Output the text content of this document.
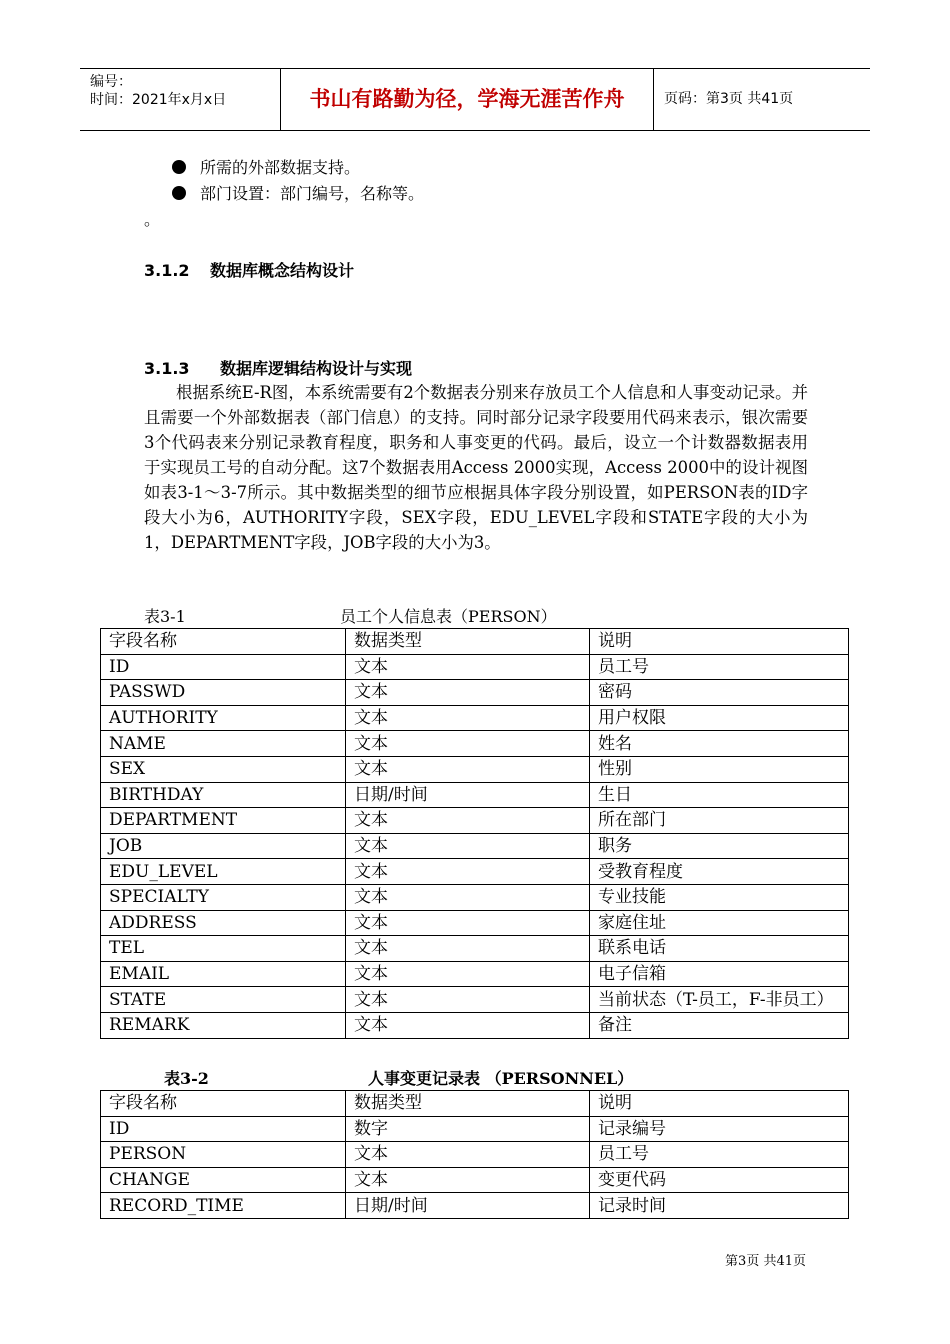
编号：
时间：2021年x月x日	书山有路勤为径，学海无涯苦作舟	页码：第3页 共41页
所需的外部数据支持。
部门设置：部门编号，名称等。
。
3.1.2 数据库概念结构设计
3.1.3 数据库逻辑结构设计与实现

根据系统E-R图，本系统需要有2个数据表分别来存放员工个人信息和人事变动记录。并且需要一个外部数据表（部门信息）的支持。同时部分记录字段要用代码来表示，银次需要3个代码表来分别记录教育程度，职务和人事变更的代码。最后，设立一个计数器数据表用于实现员工号的自动分配。这7个数据表用Access 2000实现，Access 2000中的设计视图如表3-1～3-7所示。其中数据类型的细节应根据具体字段分别设置，如PERSON表的ID字段大小为6，AUTHORITY字段，SEX字段，EDU_LEVEL字段和STATE字段的大小为1，DEPARTMENT字段，JOB字段的大小为3。

表3-1	员工个人信息表（PERSON）
字段名称	数据类型	说明
ID	文本	员工号
PASSWD	文本	密码
AUTHORITY	文本	用户权限
NAME	文本	姓名
SEX	文本	性别
BIRTHDAY	日期/时间	生日
DEPARTMENT	文本	所在部门
JOB	文本	职务
EDU_LEVEL	文本	受教育程度
SPECIALTY	文本	专业技能
ADDRESS	文本	家庭住址
TEL	文本	联系电话
EMAIL	文本	电子信箱
STATE	文本	当前状态（T-员工，F-非员工）
REMARK	文本	备注
表3-2	人事变更记录表 （PERSONNEL）
字段名称	数据类型	说明
ID	数字	记录编号
PERSON	文本	员工号
CHANGE	文本	变更代码
RECORD_TIME	日期/时间	记录时间
第3页 共41页
